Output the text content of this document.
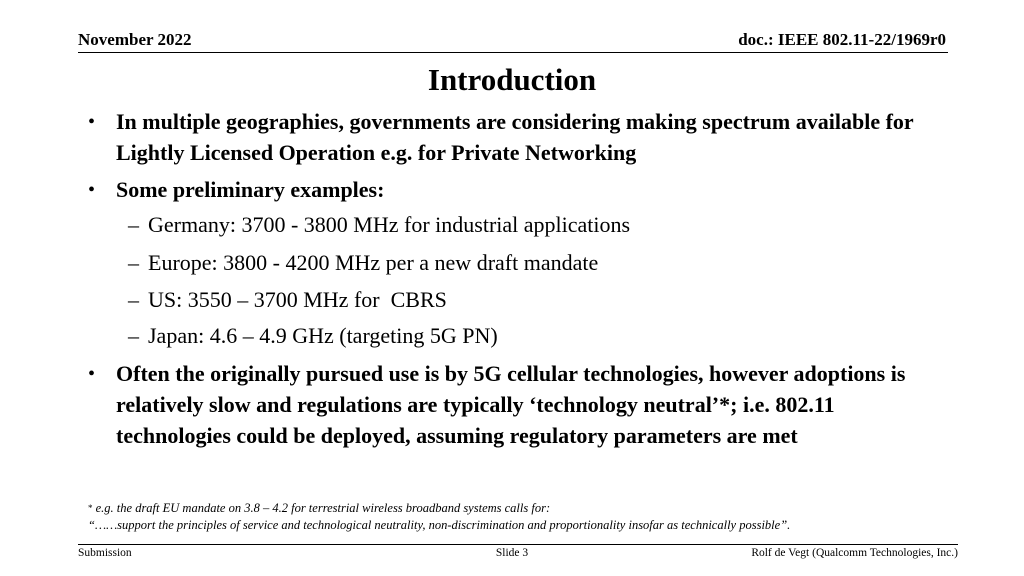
November 2022	doc.: IEEE 802.11-22/1969r0
Introduction
• In multiple geographies, governments are considering making spectrum available for Lightly Licensed Operation e.g. for Private Networking
• Some preliminary examples:
– Germany: 3700 - 3800 MHz for industrial applications
– Europe: 3800 - 4200 MHz per a new draft mandate
– US: 3550 – 3700 MHz for  CBRS
– Japan: 4.6 – 4.9 GHz (targeting 5G PN)
• Often the originally pursued use is by 5G cellular technologies, however adoptions is relatively slow and regulations are typically ‘technology neutral’*; i.e. 802.11 technologies could be deployed, assuming regulatory parameters are met
* e.g. the draft EU mandate on 3.8 – 4.2 for terrestrial wireless broadband systems calls for:
“……support the principles of service and technological neutrality, non-discrimination and proportionality insofar as technically possible”.
Submission	Slide 3	Rolf de Vegt (Qualcomm Technologies, Inc.)
